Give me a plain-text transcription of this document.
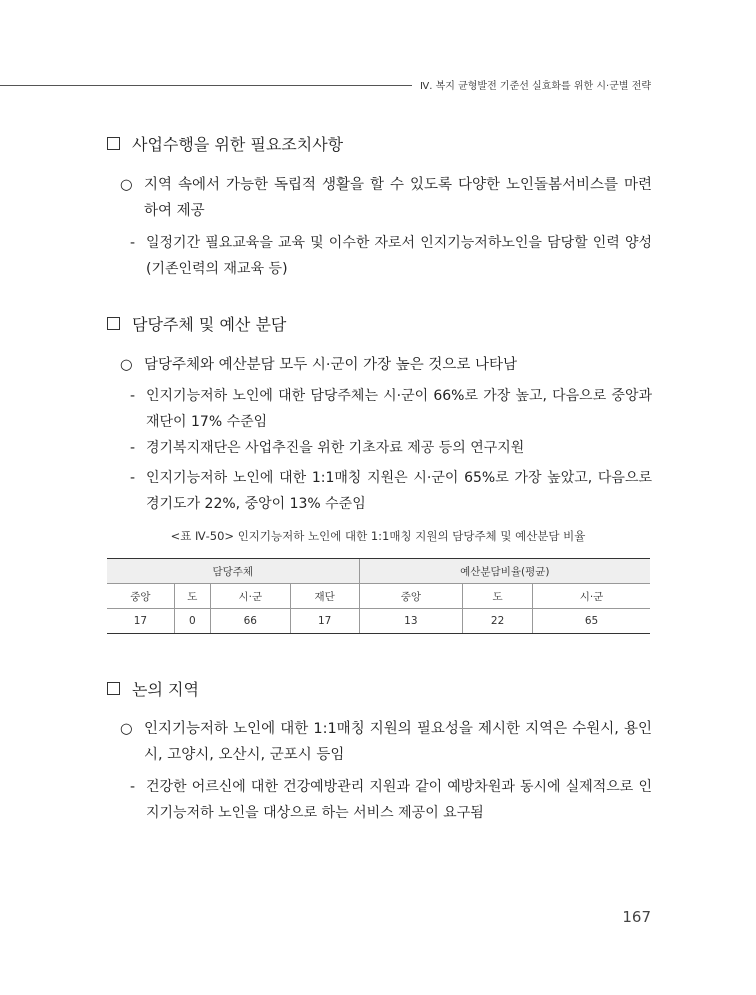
Ⅳ. 복지 균형발전 기준선 실효화를 위한 시·군별 전략
사업수행을 위한 필요조치사항
○ 지역 속에서 가능한 독립적 생활을 할 수 있도록 다양한 노인돌봄서비스를 마련하여 제공
- 일정기간 필요교육을 교육 및 이수한 자로서 인지기능저하노인을 담당할 인력 양성(기존인력의 재교육 등)
담당주체 및 예산 분담
○ 담당주체와 예산분담 모두 시·군이 가장 높은 것으로 나타남
- 인지기능저하 노인에 대한 담당주체는 시·군이 66%로 가장 높고, 다음으로 중앙과 재단이 17% 수준임
- 경기복지재단은 사업추진을 위한 기초자료 제공 등의 연구지원
- 인지기능저하 노인에 대한 1:1매칭 지원은 시·군이 65%로 가장 높았고, 다음으로 경기도가 22%, 중앙이 13% 수준임
<표 Ⅳ-50> 인지기능저하 노인에 대한 1:1매칭 지원의 담당주체 및 예산분담 비율
담당주체				예산분담비율(평균)		
중앙	도	시·군	재단	중앙	도	시·군
17	0	66	17	13	22	65
논의 지역
○ 인지기능저하 노인에 대한 1:1매칭 지원의 필요성을 제시한 지역은 수원시, 용인시, 고양시, 오산시, 군포시 등임
- 건강한 어르신에 대한 건강예방관리 지원과 같이 예방차원과 동시에 실제적으로 인지기능저하 노인을 대상으로 하는 서비스 제공이 요구됨
167
